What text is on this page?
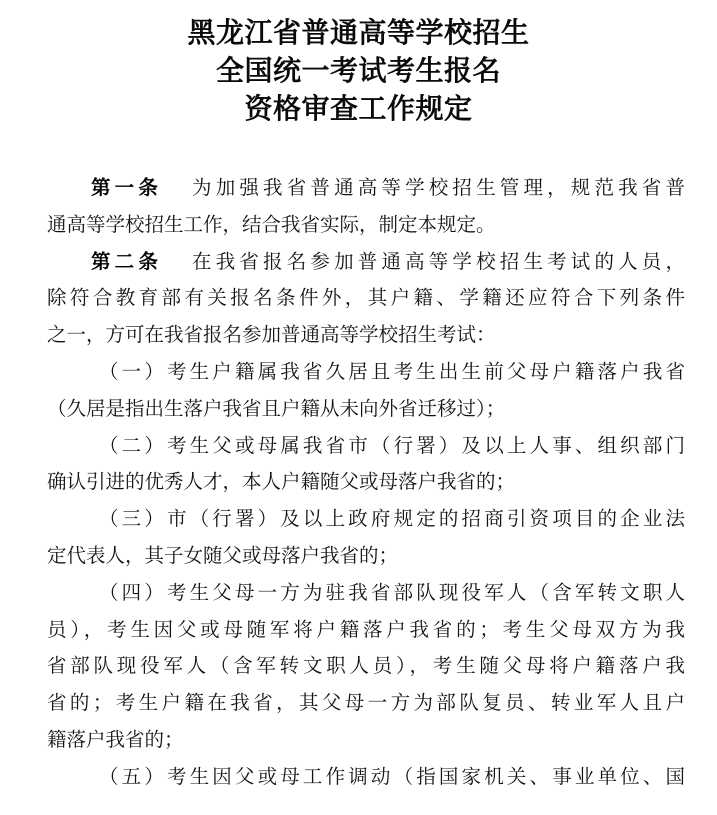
黑龙江省普通高等学校招生
全国统一考试考生报名
资格审查工作规定
第一条 为加强我省普通高等学校招生管理，规范我省普
通高等学校招生工作，结合我省实际，制定本规定。
第二条 在我省报名参加普通高等学校招生考试的人员，
除符合教育部有关报名条件外，其户籍、学籍还应符合下列条件
之一，方可在我省报名参加普通高等学校招生考试：
（一）考生户籍属我省久居且考生出生前父母户籍落户我省
（久居是指出生落户我省且户籍从未向外省迁移过）；
（二）考生父或母属我省市（行署）及以上人事、组织部门
确认引进的优秀人才，本人户籍随父或母落户我省的；
（三）市（行署）及以上政府规定的招商引资项目的企业法
定代表人，其子女随父或母落户我省的；
（四）考生父母一方为驻我省部队现役军人（含军转文职人
员），考生因父或母随军将户籍落户我省的；考生父母双方为我
省部队现役军人（含军转文职人员），考生随父母将户籍落户我
省的；考生户籍在我省，其父母一方为部队复员、转业军人且户
籍落户我省的；
（五）考生因父或母工作调动（指国家机关、事业单位、国
